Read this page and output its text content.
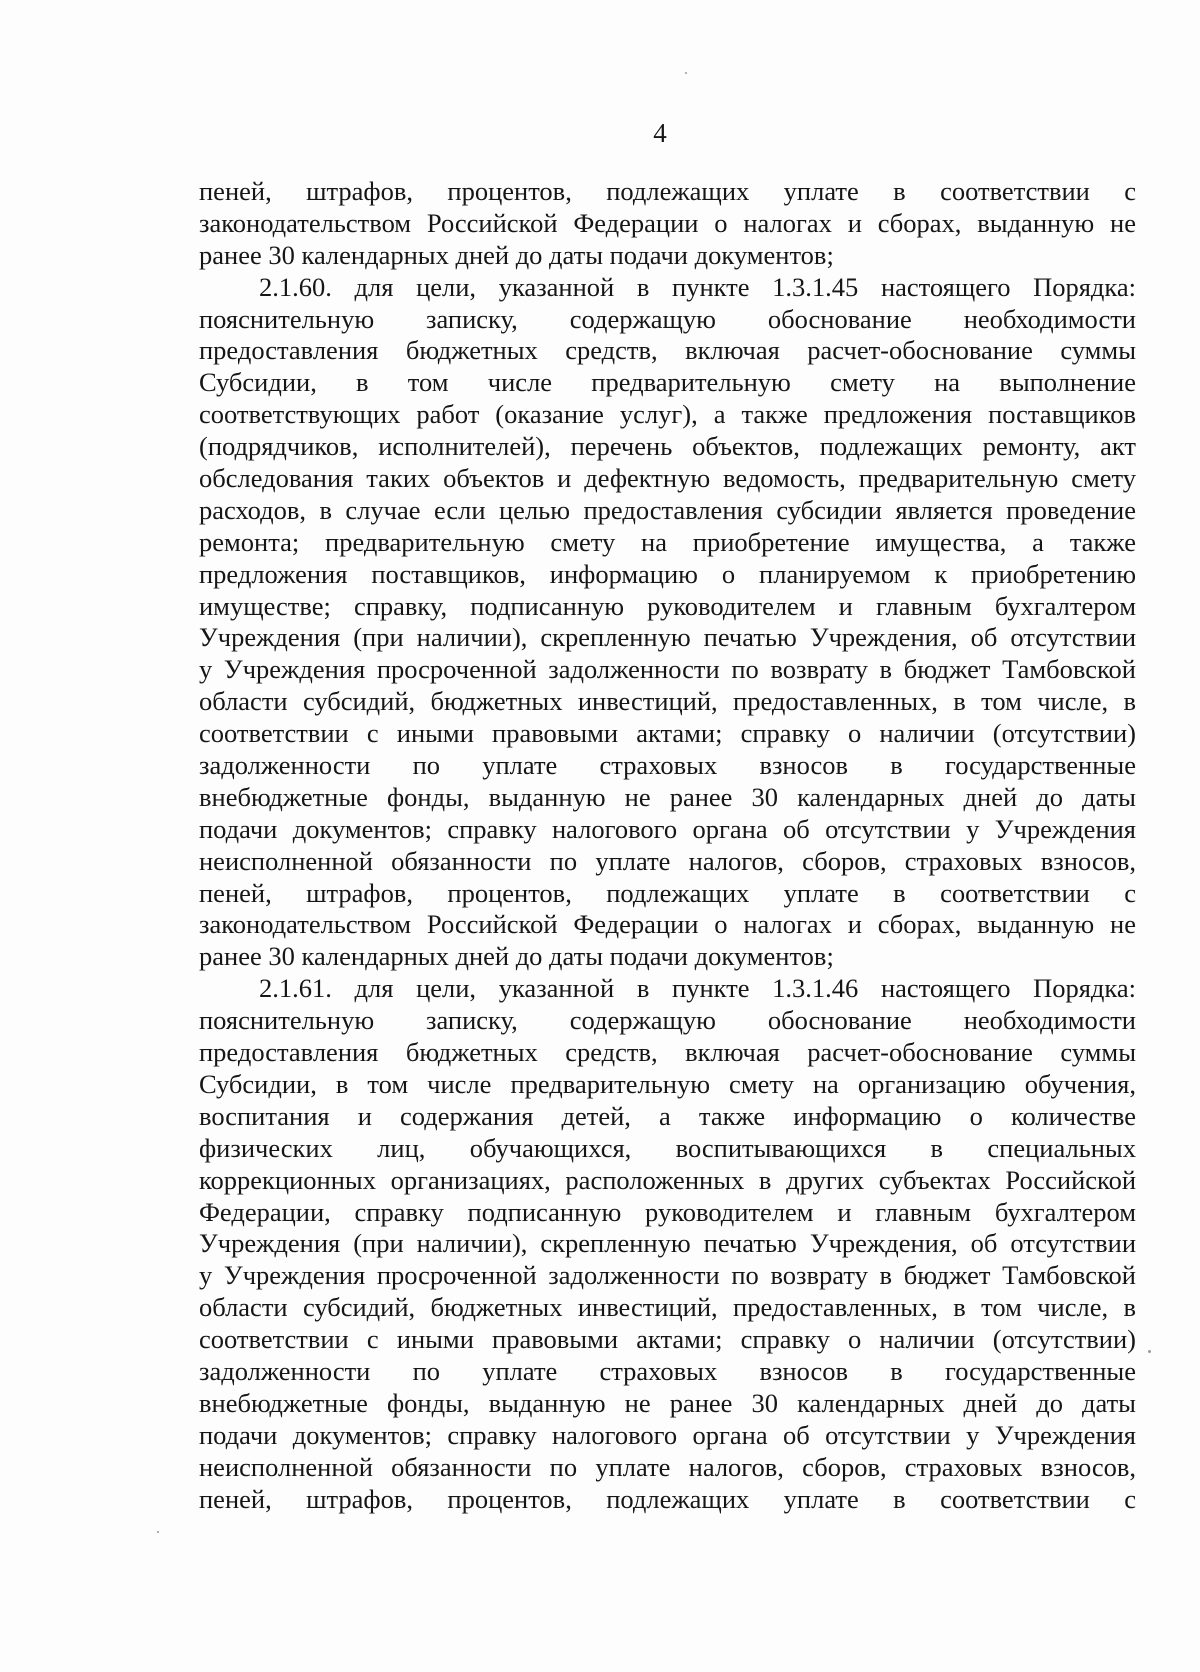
4
пеней, штрафов, процентов, подлежащих уплате в соответствии с
законодательством Российской Федерации о налогах и сборах, выданную не
ранее 30 календарных дней до даты подачи документов;
2.1.60. для цели, указанной в пункте 1.3.1.45 настоящего Порядка:
пояснительную записку, содержащую обоснование необходимости
предоставления бюджетных средств, включая расчет-обоснование суммы
Субсидии, в том числе предварительную смету на выполнение
соответствующих работ (оказание услуг), а также предложения поставщиков
(подрядчиков, исполнителей), перечень объектов, подлежащих ремонту, акт
обследования таких объектов и дефектную ведомость, предварительную смету
расходов, в случае если целью предоставления субсидии является проведение
ремонта; предварительную смету на приобретение имущества, а также
предложения поставщиков, информацию о планируемом к приобретению
имуществе; справку, подписанную руководителем и главным бухгалтером
Учреждения (при наличии), скрепленную печатью Учреждения, об отсутствии
у Учреждения просроченной задолженности по возврату в бюджет Тамбовской
области субсидий, бюджетных инвестиций, предоставленных, в том числе, в
соответствии с иными правовыми актами; справку о наличии (отсутствии)
задолженности по уплате страховых взносов в государственные
внебюджетные фонды, выданную не ранее 30 календарных дней до даты
подачи документов; справку налогового органа об отсутствии у Учреждения
неисполненной обязанности по уплате налогов, сборов, страховых взносов,
пеней, штрафов, процентов, подлежащих уплате в соответствии с
законодательством Российской Федерации о налогах и сборах, выданную не
ранее 30 календарных дней до даты подачи документов;
2.1.61. для цели, указанной в пункте 1.3.1.46 настоящего Порядка:
пояснительную записку, содержащую обоснование необходимости
предоставления бюджетных средств, включая расчет-обоснование суммы
Субсидии, в том числе предварительную смету на организацию обучения,
воспитания и содержания детей, а также информацию о количестве
физических лиц, обучающихся, воспитывающихся в специальных
коррекционных организациях, расположенных в других субъектах Российской
Федерации, справку подписанную руководителем и главным бухгалтером
Учреждения (при наличии), скрепленную печатью Учреждения, об отсутствии
у Учреждения просроченной задолженности по возврату в бюджет Тамбовской
области субсидий, бюджетных инвестиций, предоставленных, в том числе, в
соответствии с иными правовыми актами; справку о наличии (отсутствии)
задолженности по уплате страховых взносов в государственные
внебюджетные фонды, выданную не ранее 30 календарных дней до даты
подачи документов; справку налогового органа об отсутствии у Учреждения
неисполненной обязанности по уплате налогов, сборов, страховых взносов,
пеней, штрафов, процентов, подлежащих уплате в соответствии с
